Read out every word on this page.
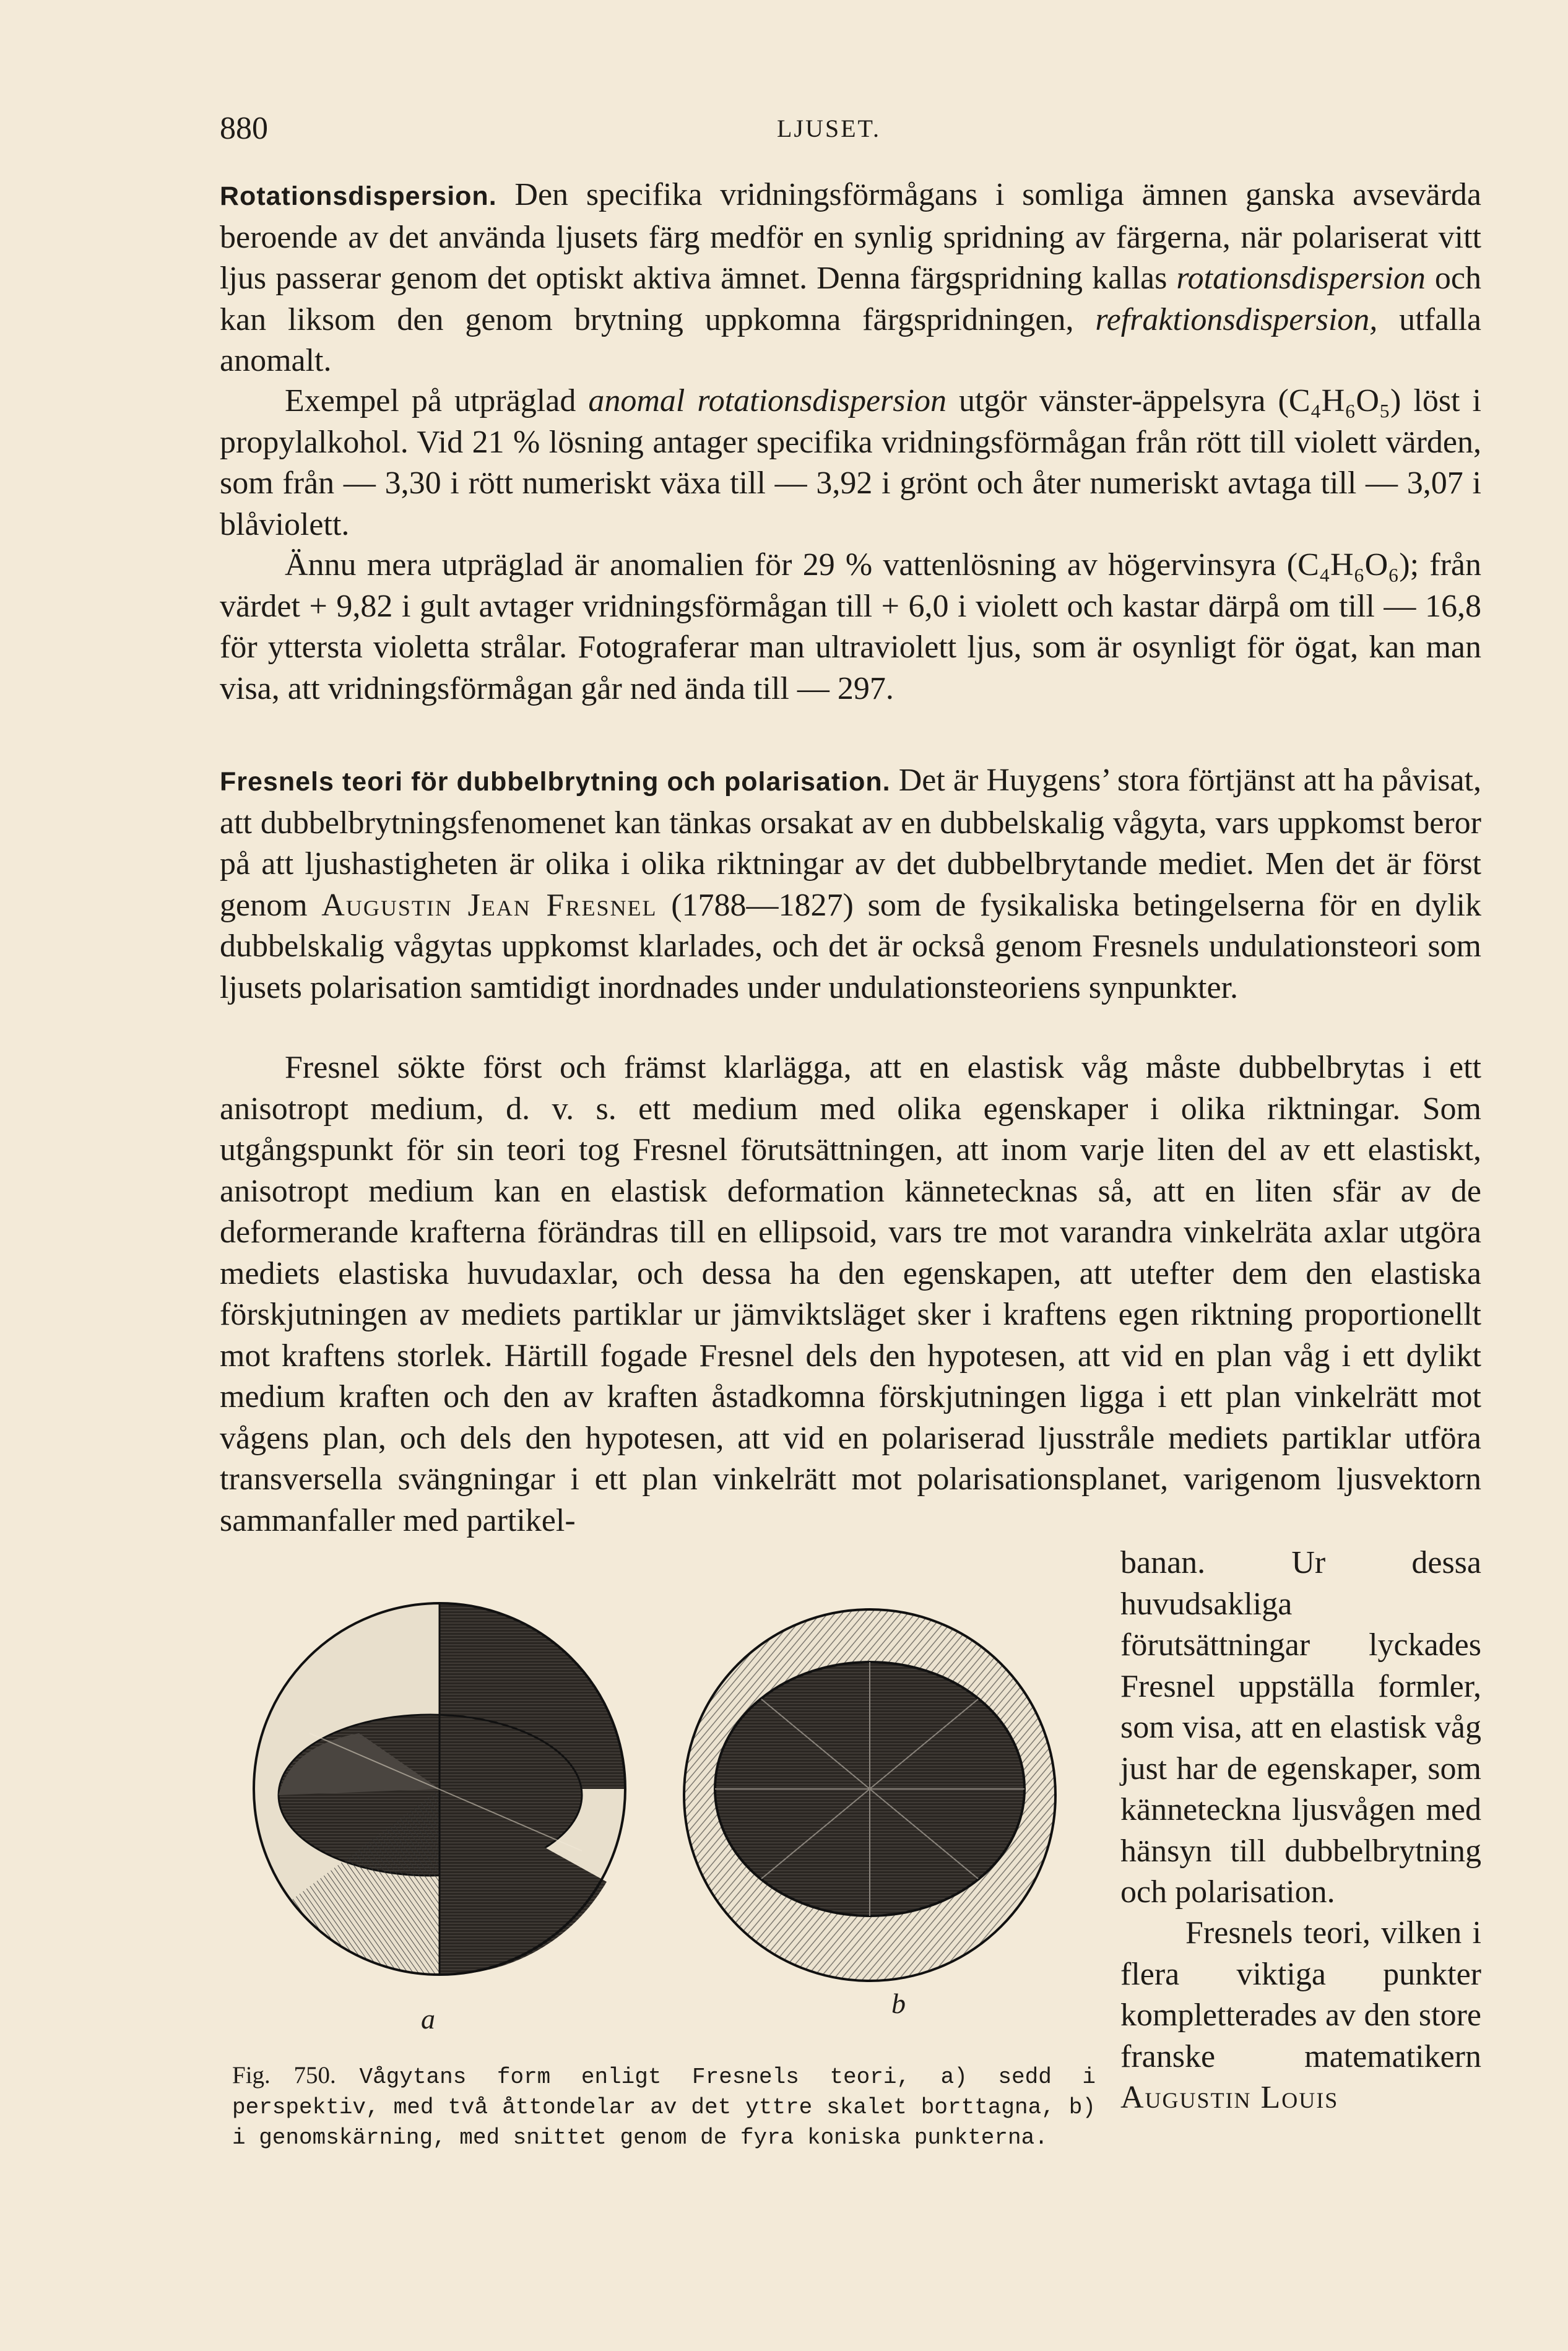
880	LJUSET.

Rotationsdispersion. Den specifika vridningsförmågans i somliga ämnen ganska avsevärda beroende av det använda ljusets färg medför en synlig spridning av färgerna, när polariserat vitt ljus passerar genom det optiskt aktiva ämnet. Denna färgspridning kallas rotationsdispersion och kan liksom den genom brytning uppkomna färgspridningen, refraktionsdispersion, utfalla anomalt.

Exempel på utpräglad anomal rotationsdispersion utgör vänster-äppelsyra (C₄H₆O₅) löst i propylalkohol. Vid 21 % lösning antager specifika vridningsförmågan från rött till violett värden, som från — 3,30 i rött numeriskt växa till — 3,92 i grönt och åter numeriskt avtaga till — 3,07 i blåviolett.

Ännu mera utpräglad är anomalien för 29 % vattenlösning av högervinsyra (C₄H₆O₆); från värdet + 9,82 i gult avtager vridningsförmågan till + 6,0 i violett och kastar därpå om till — 16,8 för yttersta violetta strålar. Fotograferar man ultraviolett ljus, som är osynligt för ögat, kan man visa, att vridningsförmågan går ned ända till — 297.

Fresnels teori för dubbelbrytning och polarisation. Det är Huygens’ stora förtjänst att ha påvisat, att dubbelbrytningsfenomenet kan tänkas orsakat av en dubbelskalig vågyta, vars uppkomst beror på att ljushastigheten är olika i olika riktningar av det dubbelbrytande mediet. Men det är först genom Augustin Jean Fresnel (1788—1827) som de fysikaliska betingelserna för en dylik dubbelskalig vågytas uppkomst klarlades, och det är också genom Fresnels undulationsteori som ljusets polarisation samtidigt inordnades under undulationsteoriens synpunkter.

Fresnel sökte först och främst klarlägga, att en elastisk våg måste dubbelbrytas i ett anisotropt medium, d. v. s. ett medium med olika egenskaper i olika riktningar. Som utgångspunkt för sin teori tog Fresnel förutsättningen, att inom varje liten del av ett elastiskt, anisotropt medium kan en elastisk deformation kännetecknas så, att en liten sfär av de deformerande krafterna förändras till en ellipsoid, vars tre mot varandra vinkelräta axlar utgöra mediets elastiska huvudaxlar, och dessa ha den egenskapen, att utefter dem den elastiska förskjutningen av mediets partiklar ur jämviktsläget sker i kraftens egen riktning proportionellt mot kraftens storlek. Härtill fogade Fresnel dels den hypotesen, att vid en plan våg i ett dylikt medium kraften och den av kraften åstadkomna förskjutningen ligga i ett plan vinkelrätt mot vågens plan, och dels den hypotesen, att vid en polariserad ljusstråle mediets partiklar utföra transversella svängningar i ett plan vinkelrätt mot polarisationsplanet, varigenom ljusvektorn sammanfaller med partikel-

banan. Ur dessa huvudsakliga förutsättningar lyckades Fresnel uppställa formler, som visa, att en elastisk våg just har de egenskaper, som känneteckna ljusvågen med hänsyn till dubbelbrytning och polarisation.

Fresnels teori, vilken i flera viktiga punkter kompletterades av den store franske matematikern Augustin Louis

a	b

Fig. 750. Vågytans form enligt Fresnels teori, a) sedd i perspektiv, med två åttondelar av det yttre skalet borttagna, b) i genomskärning, med snittet genom de fyra koniska punkterna.
